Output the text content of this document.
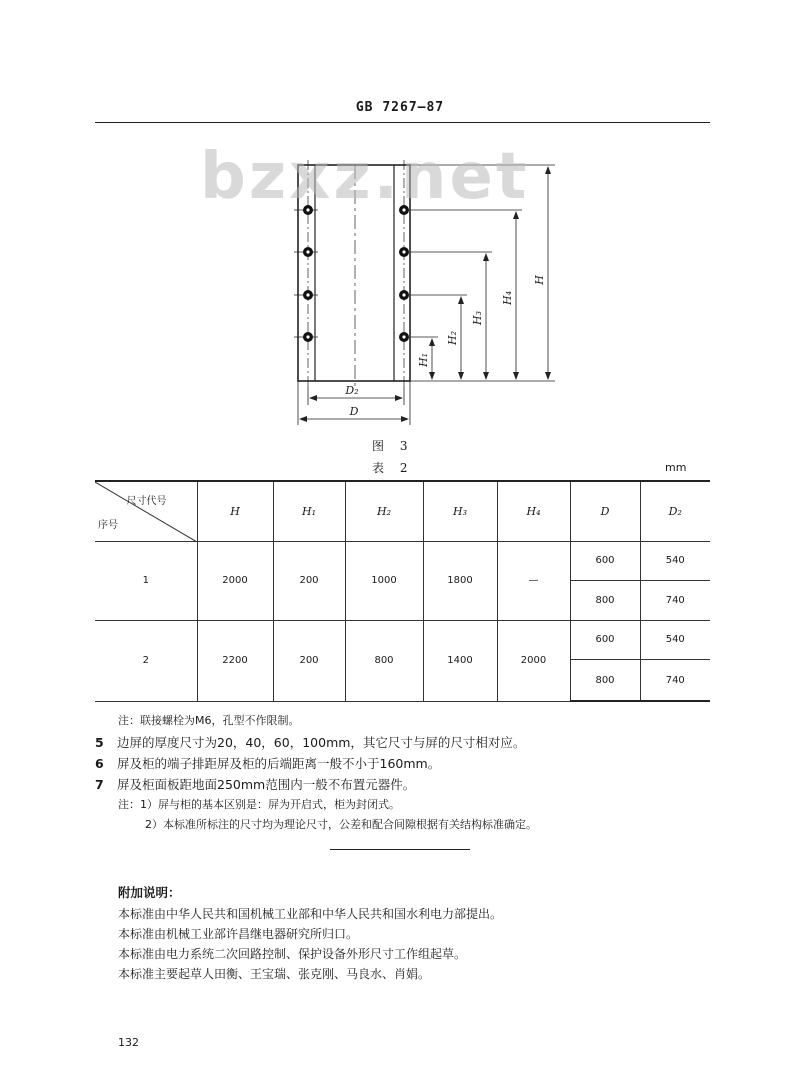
GB 7267—87
H
H₄
H₃
H₂
H₁
D₂
D
bzxz.net
图 3
表 2	mm
尺寸代号
序号	H	H₁	H₂	H₃	H₄	D	D₂
1	2000	200	1000	1800	—	600	540
						800	740
2	2200	200	800	1400	2000	600	540
						800	740
注：联接螺栓为M6，孔型不作限制。
5 边屏的厚度尺寸为20，40，60，100mm，其它尺寸与屏的尺寸相对应。
6 屏及柜的端子排距屏及柜的后端距离一般不小于160mm。
7 屏及柜面板距地面250mm范围内一般不布置元器件。
注：1）屏与柜的基本区别是：屏为开启式，柜为封闭式。
2）本标准所标注的尺寸均为理论尺寸，公差和配合间隙根据有关结构标准确定。
附加说明：
本标准由中华人民共和国机械工业部和中华人民共和国水利电力部提出。
本标准由机械工业部许昌继电器研究所归口。
本标准由电力系统二次回路控制、保护设备外形尺寸工作组起草。
本标准主要起草人田衡、王宝瑞、张克刚、马良水、肖娟。
132
